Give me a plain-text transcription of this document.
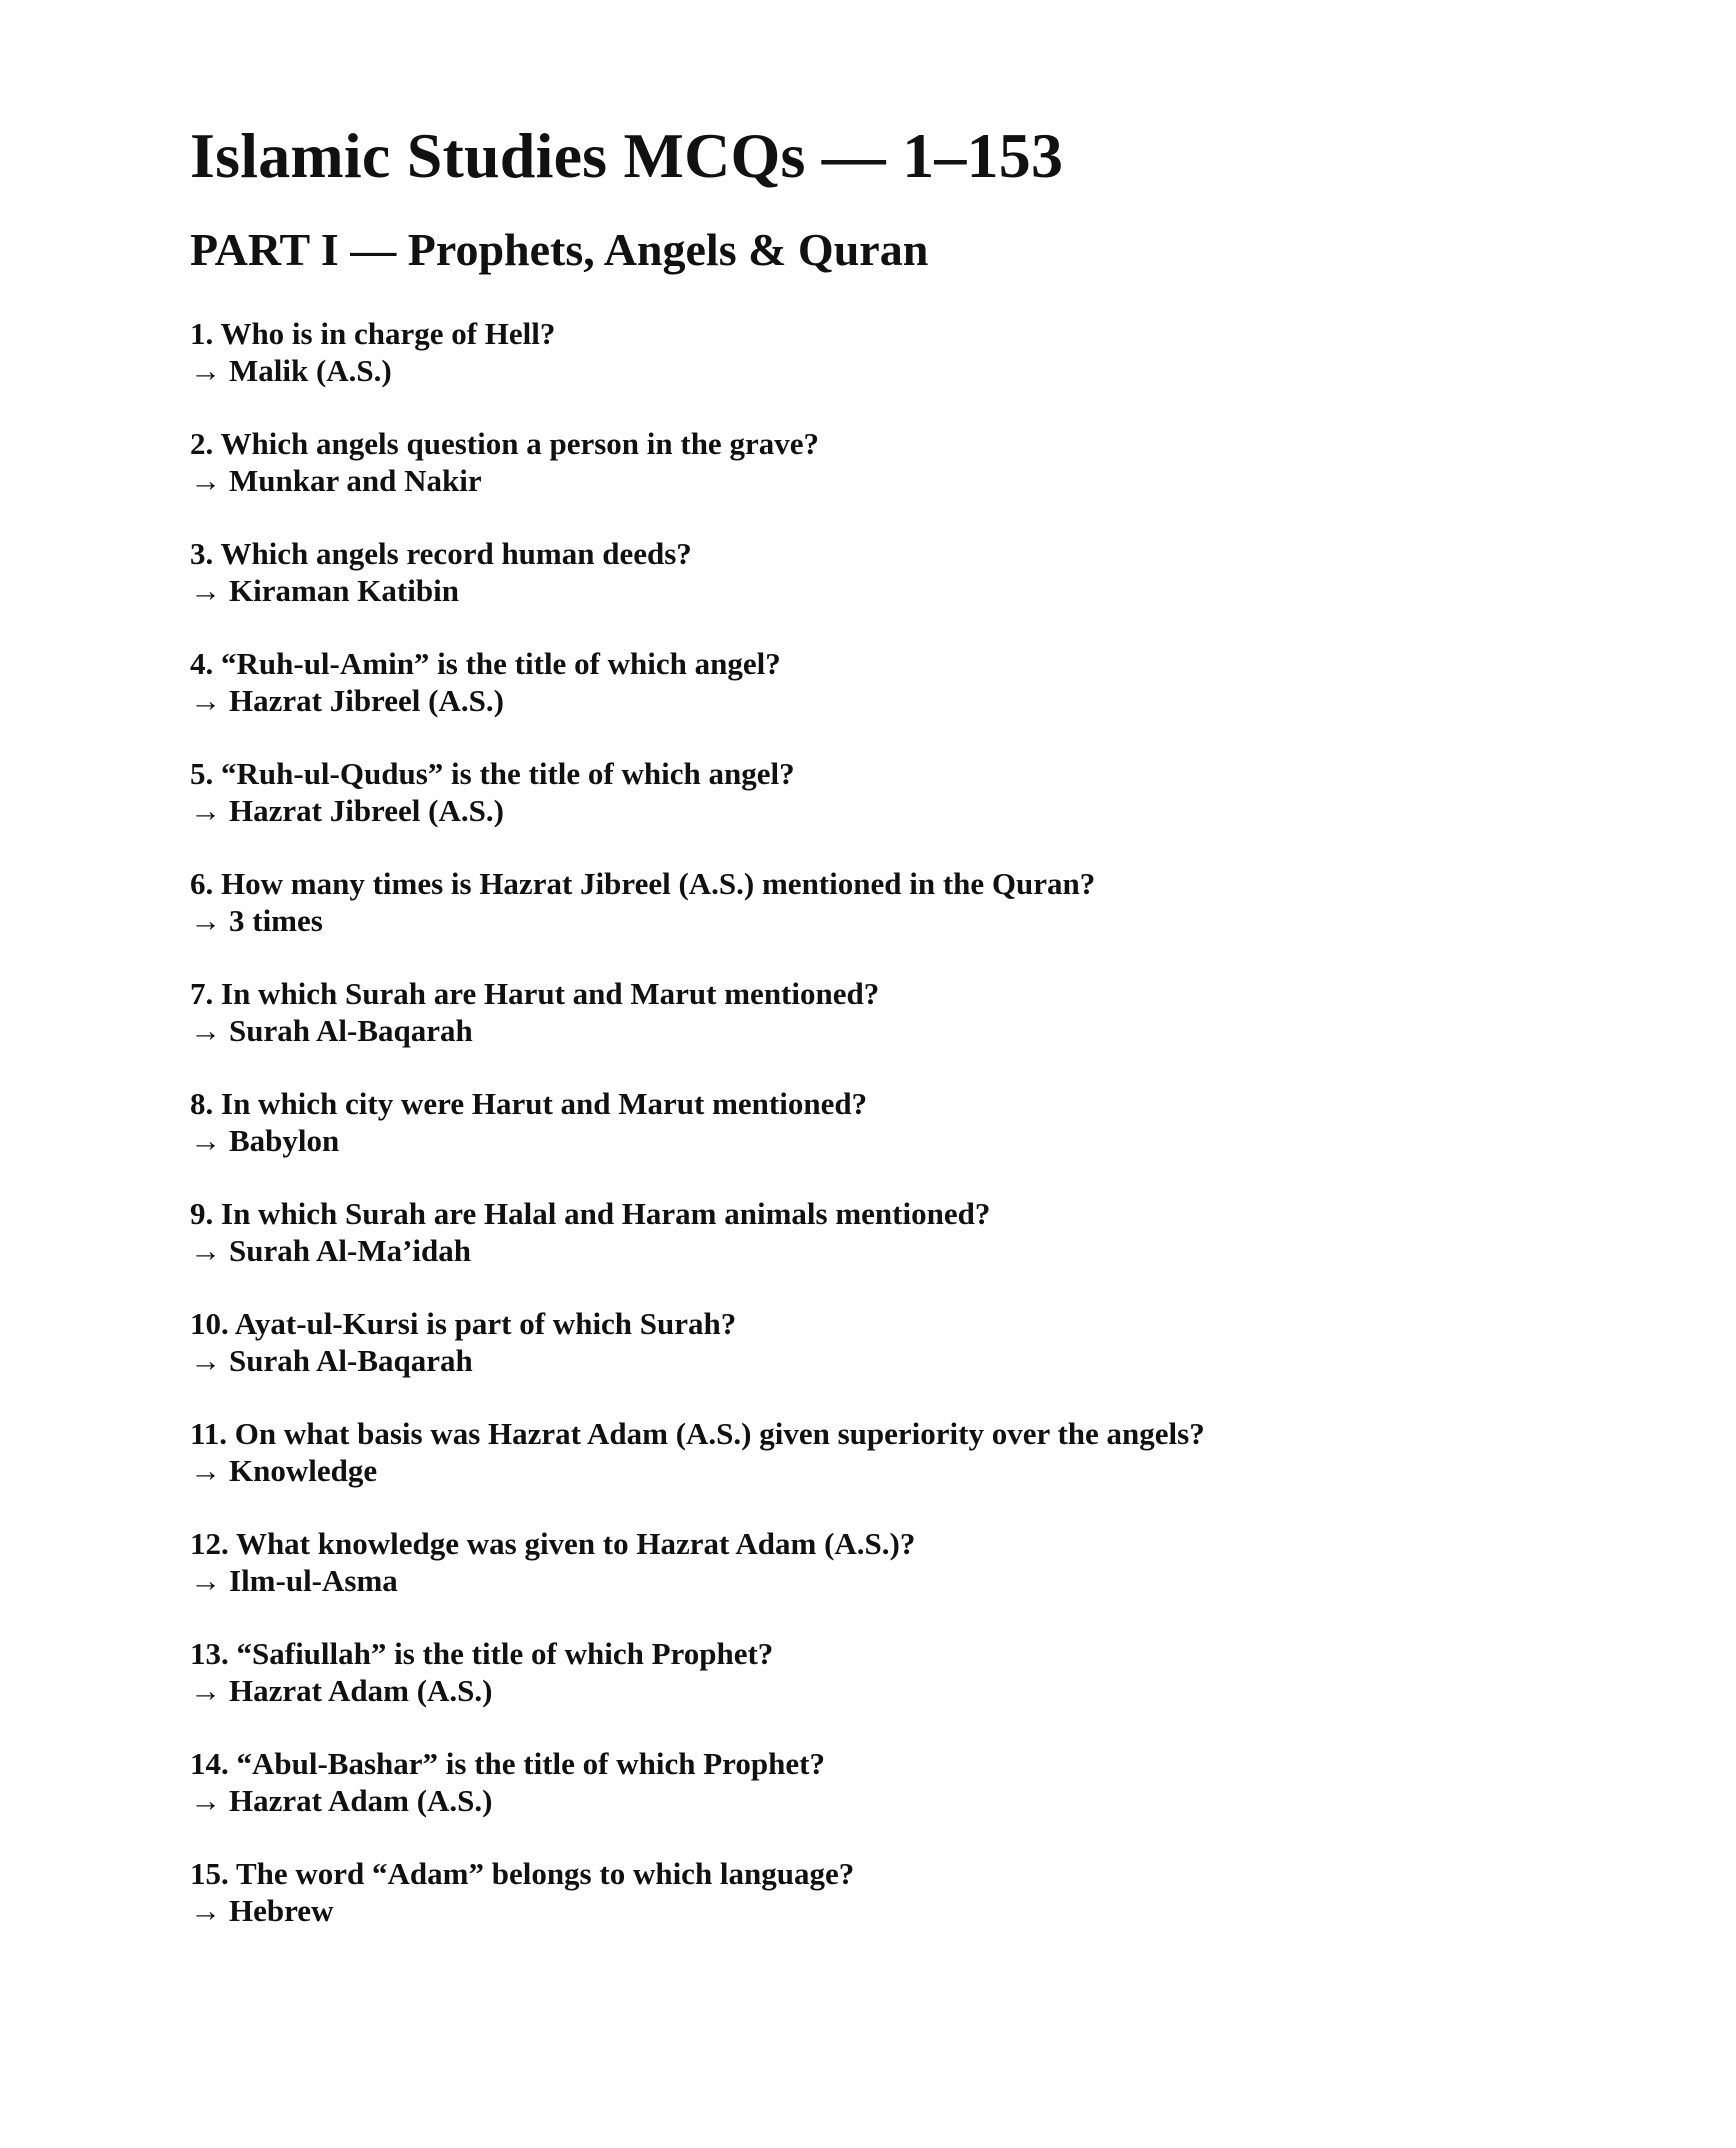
Islamic Studies MCQs — 1–153
PART I — Prophets, Angels & Quran
1. Who is in charge of Hell?
→ Malik (A.S.)
2. Which angels question a person in the grave?
→ Munkar and Nakir
3. Which angels record human deeds?
→ Kiraman Katibin
4. “Ruh-ul-Amin” is the title of which angel?
→ Hazrat Jibreel (A.S.)
5. “Ruh-ul-Qudus” is the title of which angel?
→ Hazrat Jibreel (A.S.)
6. How many times is Hazrat Jibreel (A.S.) mentioned in the Quran?
→ 3 times
7. In which Surah are Harut and Marut mentioned?
→ Surah Al-Baqarah
8. In which city were Harut and Marut mentioned?
→ Babylon
9. In which Surah are Halal and Haram animals mentioned?
→ Surah Al-Ma’idah
10. Ayat-ul-Kursi is part of which Surah?
→ Surah Al-Baqarah
11. On what basis was Hazrat Adam (A.S.) given superiority over the angels?
→ Knowledge
12. What knowledge was given to Hazrat Adam (A.S.)?
→ Ilm-ul-Asma
13. “Safiullah” is the title of which Prophet?
→ Hazrat Adam (A.S.)
14. “Abul-Bashar” is the title of which Prophet?
→ Hazrat Adam (A.S.)
15. The word “Adam” belongs to which language?
→ Hebrew
